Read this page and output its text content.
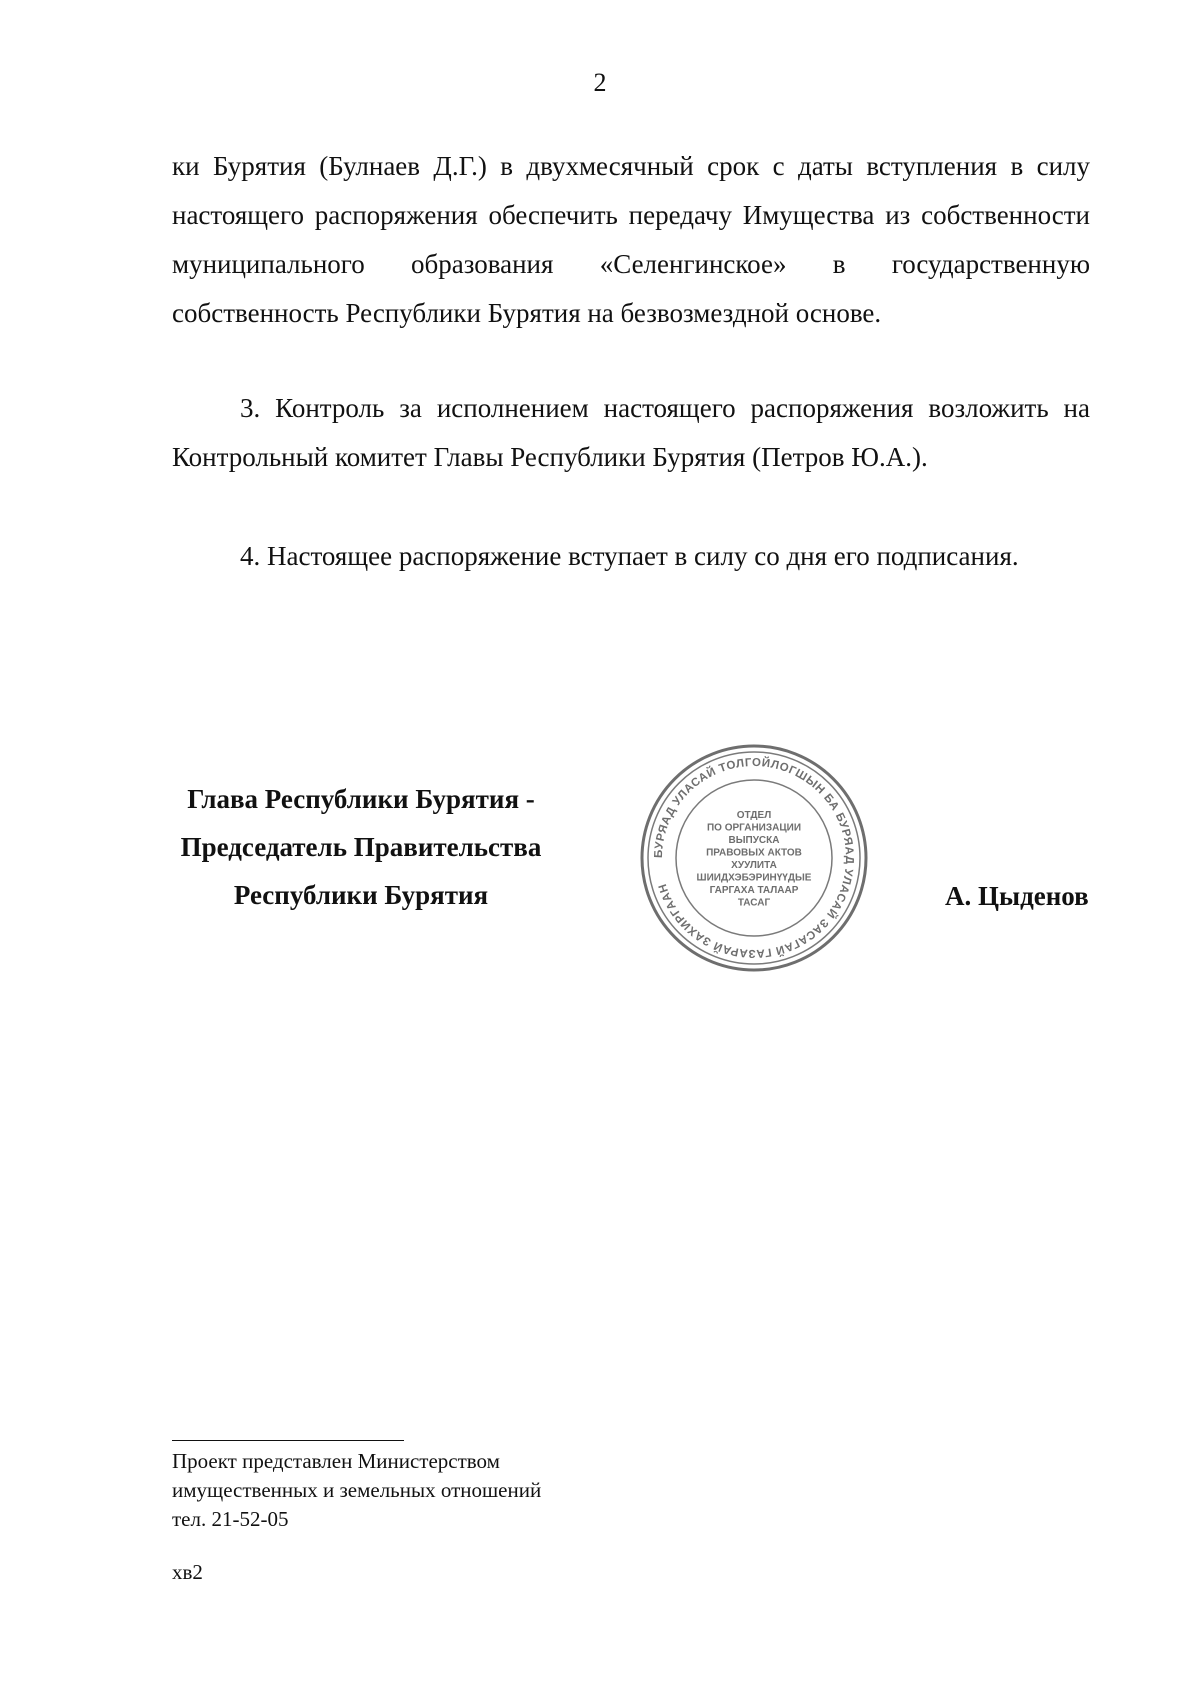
2

ки Бурятия (Булнаев Д.Г.) в двухмесячный срок с даты вступления в силу настоящего распоряжения обеспечить передачу Имущества из собственности муниципального образования «Селенгинское» в государственную собственность Республики Бурятия на безвозмездной основе.

3. Контроль за исполнением настоящего распоряжения возложить на Контрольный комитет Главы Республики Бурятия (Петров Ю.А.).

4. Настоящее распоряжение вступает в силу со дня его подписания.

Глава Республики Бурятия -
Председатель Правительства
Республики Бурятия
БУРЯАД УЛАСАЙ ТОЛГОЙЛОГШЫН БА БУРЯАД УЛАСАЙ ЗАСАГАЙ ГАЗАРАЙ ЗАХИРГААН
ОТДЕЛ
ПО ОРГАНИЗАЦИИ
ВЫПУСКА
ПРАВОВЫХ АКТОВ
ХУУЛИТА
ШИИДХЭБЭРИНҮҮДЫЕ
ГАРГАХА ТАЛААР
ТАСАГ	А. Цыденов
Проект представлен Министерством
имущественных и земельных отношений
тел. 21-52-05
хв2
